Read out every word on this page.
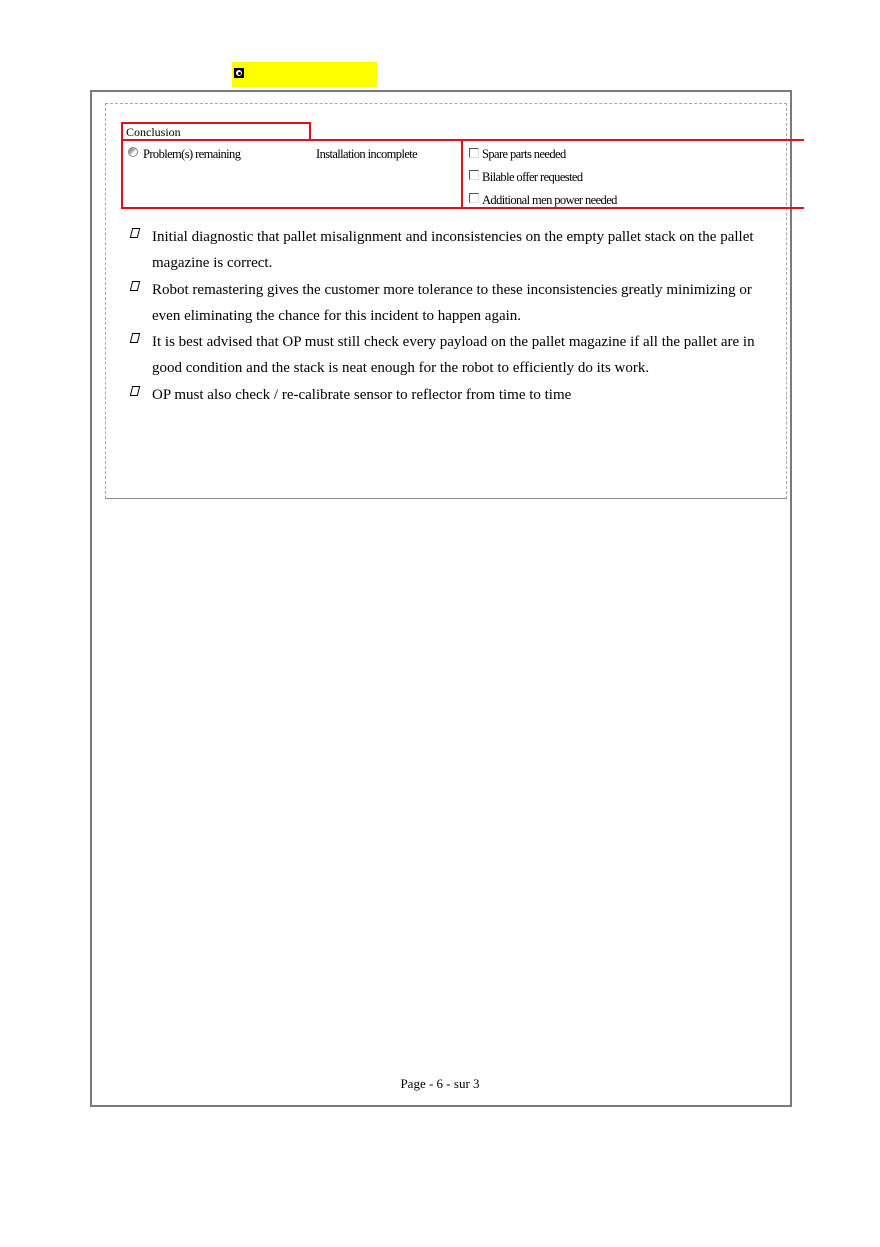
Conclusion
Problem(s) remaining	Installation incomplete	Spare parts needed
Bilable offer requested
Additional men power needed
Initial diagnostic that pallet misalignment and inconsistencies on the empty pallet stack on the pallet magazine is correct.
Robot remastering gives the customer more tolerance to these inconsistencies greatly minimizing or even eliminating the chance for this incident to happen again.
It is best advised that OP must still check every payload on the pallet magazine if all the pallet are in good condition and the stack is neat enough for the robot to efficiently do its work.
OP must also check / re-calibrate sensor to reflector from time to time
Page - 6 - sur 3
